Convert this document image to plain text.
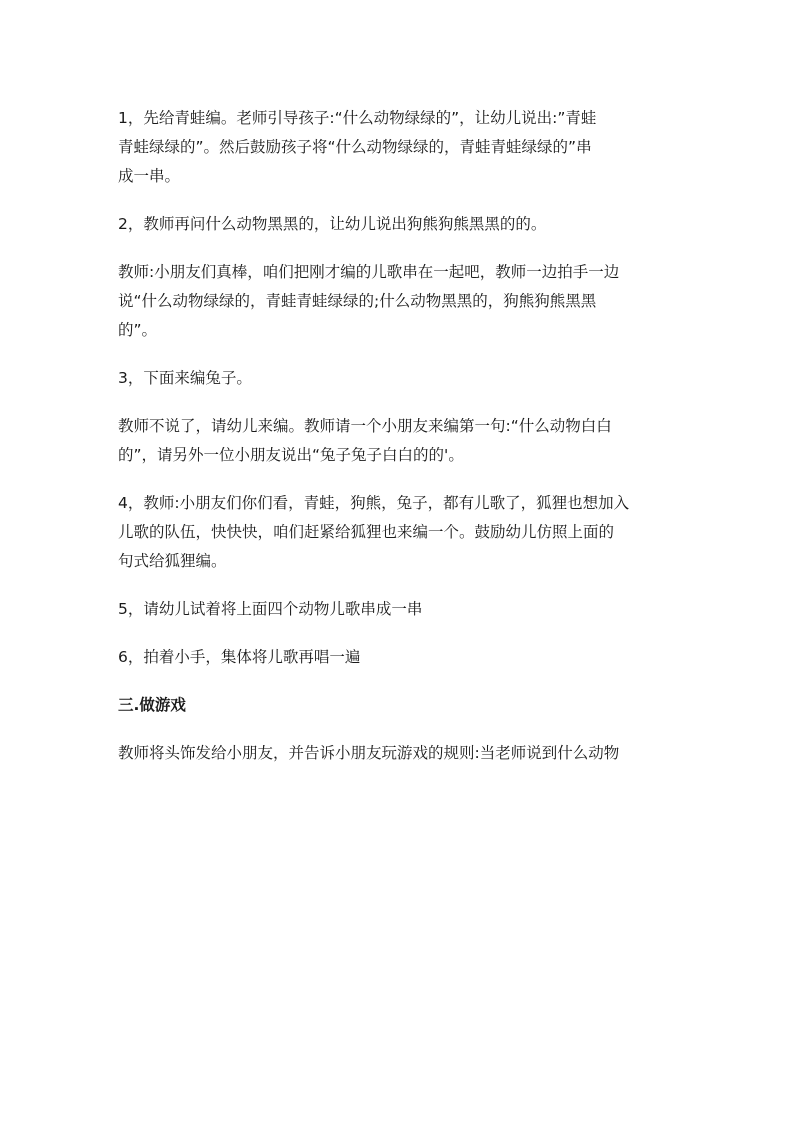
1，先给青蛙编。老师引导孩子:“什么动物绿绿的”，让幼儿说出:”青蛙
青蛙绿绿的”。然后鼓励孩子将“什么动物绿绿的，青蛙青蛙绿绿的”串
成一串。

2，教师再问什么动物黑黑的，让幼儿说出狗熊狗熊黑黑的的。

教师:小朋友们真棒，咱们把刚才编的儿歌串在一起吧，教师一边拍手一边
说“什么动物绿绿的，青蛙青蛙绿绿的;什么动物黑黑的，狗熊狗熊黑黑
的”。

3，下面来编兔子。

教师不说了，请幼儿来编。教师请一个小朋友来编第一句:“什么动物白白
的”，请另外一位小朋友说出“兔子兔子白白的的'。

4，教师:小朋友们你们看，青蛙，狗熊，兔子，都有儿歌了，狐狸也想加入
儿歌的队伍，快快快，咱们赶紧给狐狸也来编一个。鼓励幼儿仿照上面的
句式给狐狸编。

5，请幼儿试着将上面四个动物儿歌串成一串

6，拍着小手，集体将儿歌再唱一遍

三.做游戏

教师将头饰发给小朋友，并告诉小朋友玩游戏的规则:当老师说到什么动物
